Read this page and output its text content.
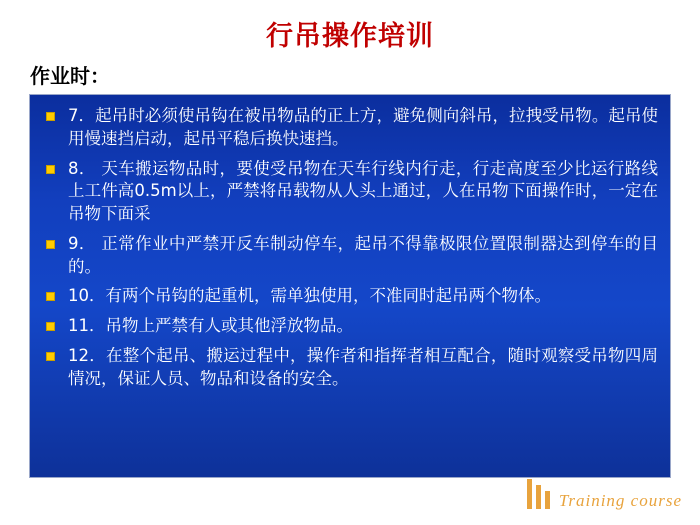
行吊操作培训
作业时：
7．起吊时必须使吊钩在被吊物品的正上方，避免侧向斜吊，拉拽受吊物。起吊使用慢速挡启动，起吊平稳后换快速挡。
8． 天车搬运物品时，要使受吊物在天车行线内行走，行走高度至少比运行路线上工件高0.5m以上，严禁将吊载物从人头上通过，人在吊物下面操作时，一定在吊物下面采
9． 正常作业中严禁开反车制动停车，起吊不得靠极限位置限制器达到停车的目的。
10．有两个吊钩的起重机，需单独使用，不准同时起吊两个物体。
11．吊物上严禁有人或其他浮放物品。
12．在整个起吊、搬运过程中，操作者和指挥者相互配合，随时观察受吊物四周情况，保证人员、物品和设备的安全。
Training course
